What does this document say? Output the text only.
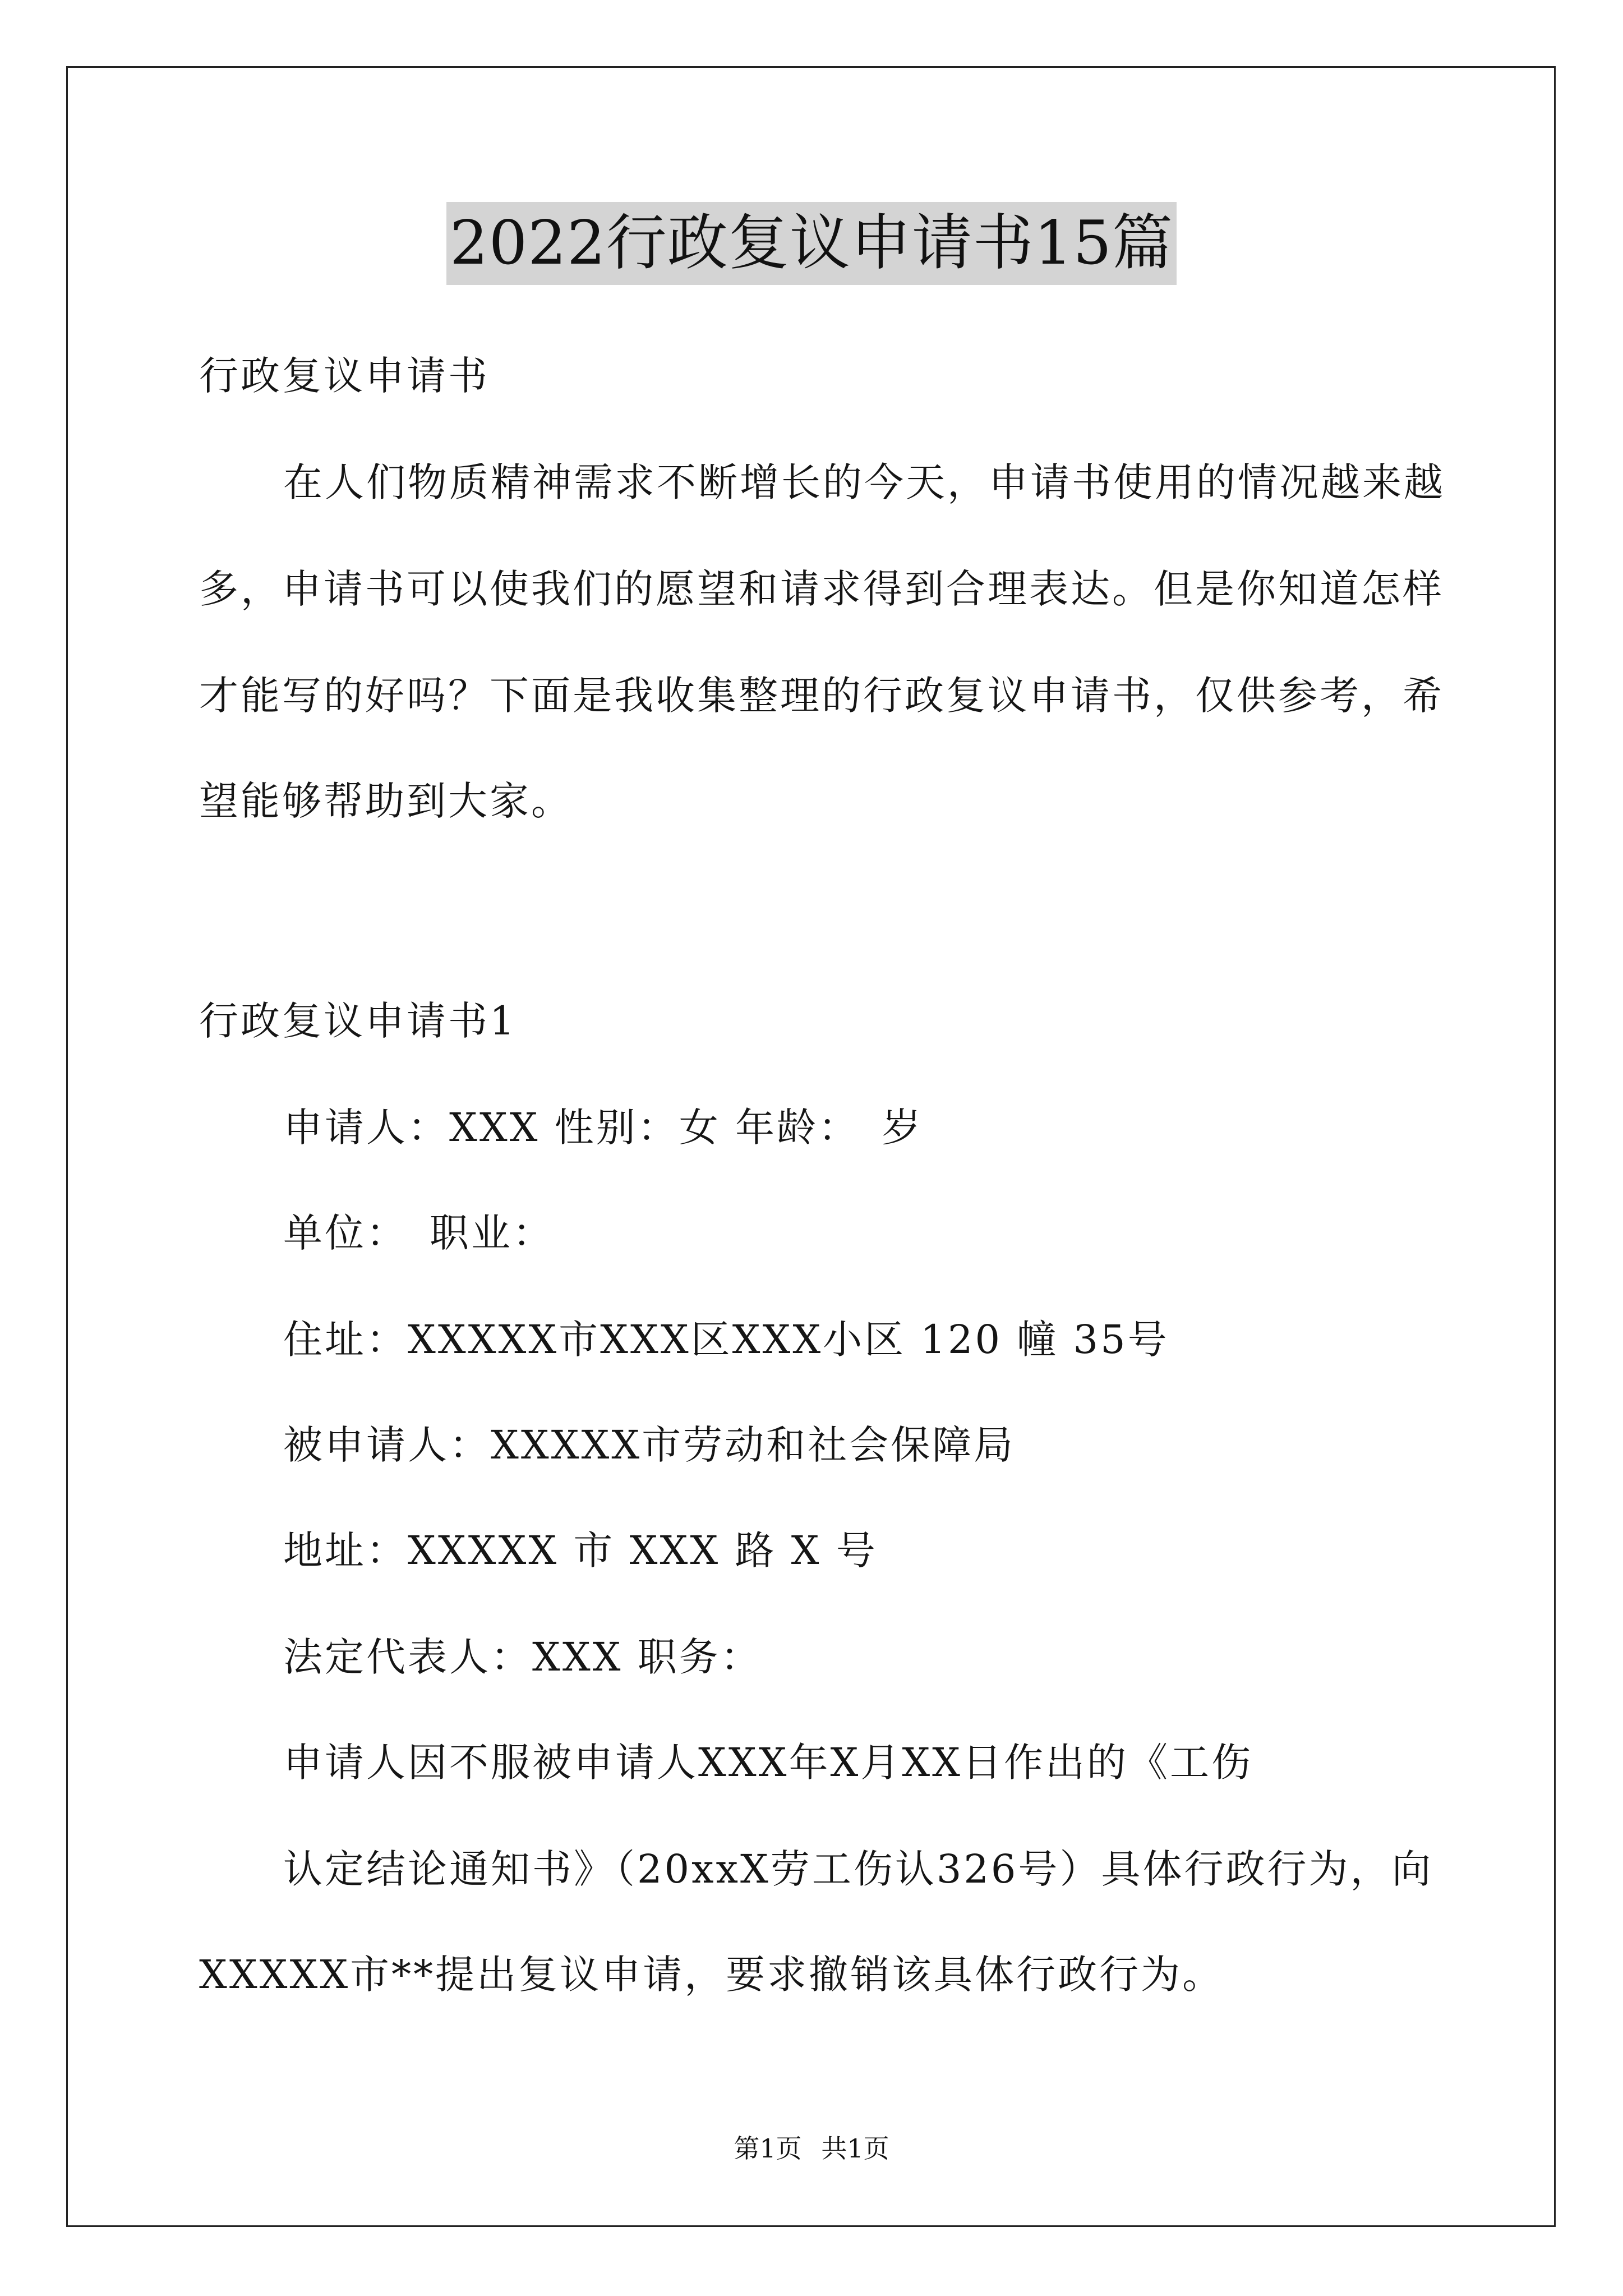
2022行政复议申请书15篇
行政复议申请书
在人们物质精神需求不断增长的今天，申请书使用的情况越来越
多，申请书可以使我们的愿望和请求得到合理表达。但是你知道怎样
才能写的好吗？下面是我收集整理的行政复议申请书，仅供参考，希
望能够帮助到大家。
行政复议申请书1
申请人：XXX 性别：女 年龄：　岁
单位：　职业：
住址：XXXXX市XXX区XXX小区 120 幢 35号
被申请人：XXXXX市劳动和社会保障局
地址：XXXXX 市 XXX 路 X 号
法定代表人：XXX 职务：
申请人因不服被申请人XXX年X月XX日作出的《工伤
认定结论通知书》（20xxX劳工伤认326号）具体行政行为，向
XXXXX市**提出复议申请，要求撤销该具体行政行为。
第1页 共1页
